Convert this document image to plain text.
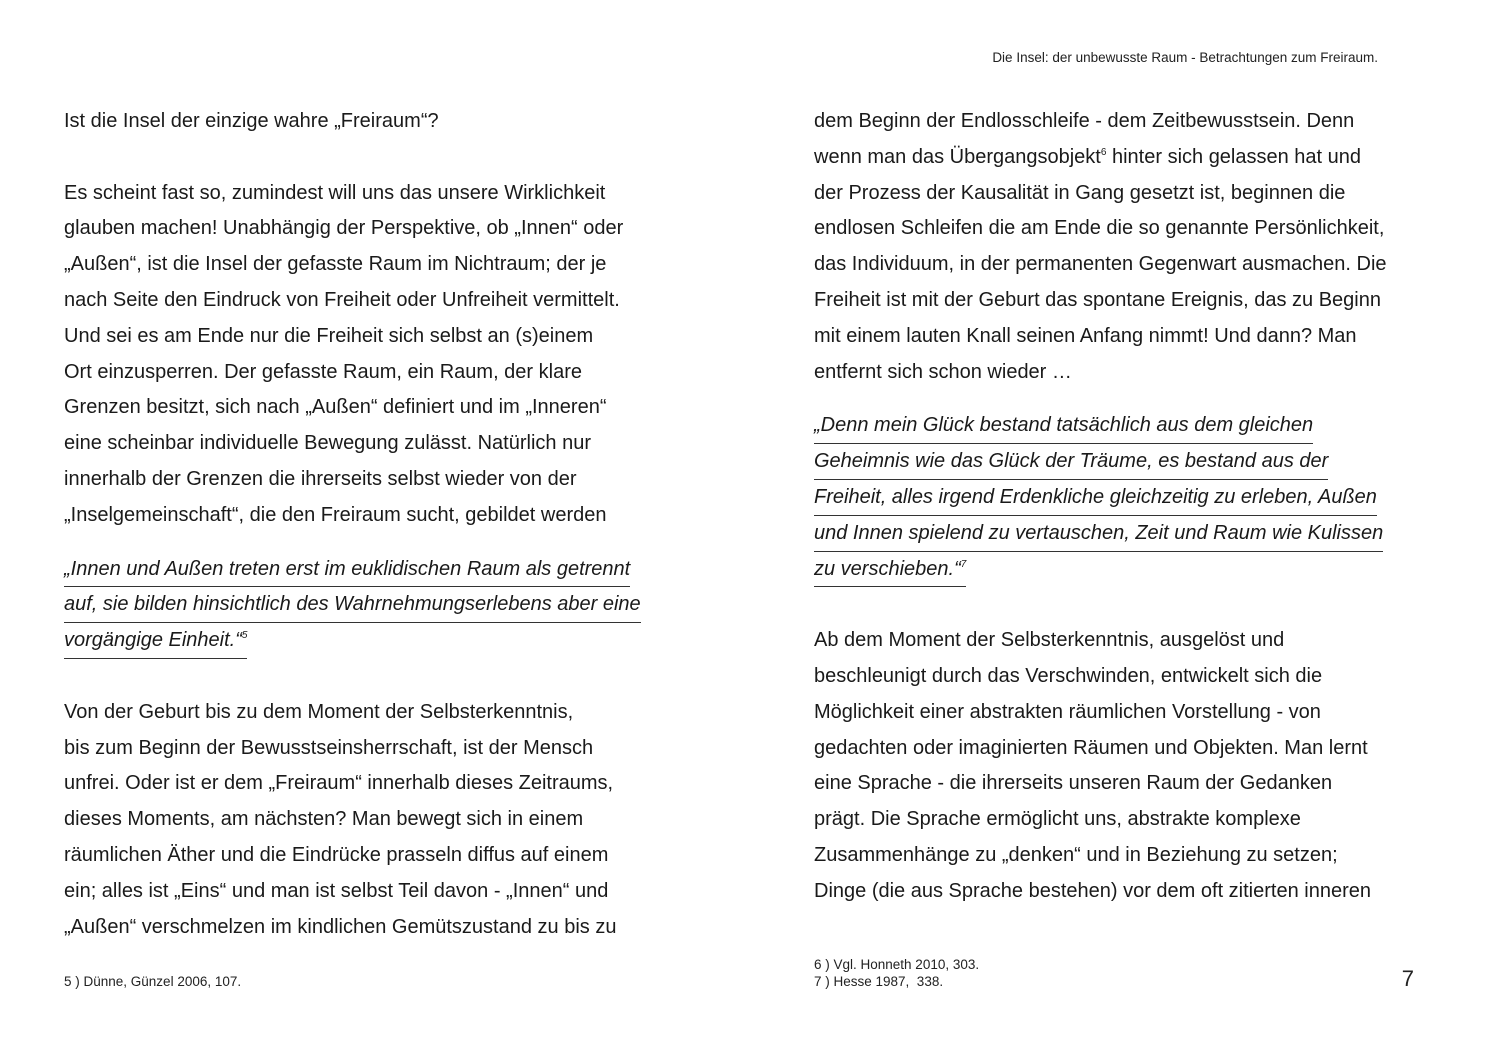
Ist die Insel der einzige wahre „Freiraum“?
Es scheint fast so, zumindest will uns das unsere Wirklichkeit
glauben machen! Unabhängig der Perspektive, ob „Innen“ oder
„Außen“, ist die Insel der gefasste Raum im Nichtraum; der je
nach Seite den Eindruck von Freiheit oder Unfreiheit vermittelt.
Und sei es am Ende nur die Freiheit sich selbst an (s)einem
Ort einzusperren. Der gefasste Raum, ein Raum, der klare
Grenzen besitzt, sich nach „Außen“ definiert und im „Inneren“
eine scheinbar individuelle Bewegung zulässt. Natürlich nur
innerhalb der Grenzen die ihrerseits selbst wieder von der
„Inselgemeinschaft“, die den Freiraum sucht, gebildet werden
„Innen und Außen treten erst im euklidischen Raum als getrennt
auf, sie bilden hinsichtlich des Wahrnehmungserlebens aber eine
vorgängige Einheit.“$^5$
Von der Geburt bis zu dem Moment der Selbsterkenntnis,
bis zum Beginn der Bewusstseinsherrschaft, ist der Mensch
unfrei. Oder ist er dem „Freiraum“ innerhalb dieses Zeitraums,
dieses Moments, am nächsten? Man bewegt sich in einem
räumlichen Äther und die Eindrücke prasseln diffus auf einem
ein; alles ist „Eins“ und man ist selbst Teil davon - „Innen“ und
„Außen“ verschmelzen im kindlichen Gemütszustand zu bis zu
5 ) Dünne, Günzel 2006, 107.
Die Insel: der unbewusste Raum - Betrachtungen zum Freiraum.
dem Beginn der Endlosschleife - dem Zeitbewusstsein. Denn
wenn man das Übergangsobjekt$^6$ hinter sich gelassen hat und
der Prozess der Kausalität in Gang gesetzt ist, beginnen die
endlosen Schleifen die am Ende die so genannte Persönlichkeit,
das Individuum, in der permanenten Gegenwart ausmachen. Die
Freiheit ist mit der Geburt das spontane Ereignis, das zu Beginn
mit einem lauten Knall seinen Anfang nimmt! Und dann? Man
entfernt sich schon wieder …
„Denn mein Glück bestand tatsächlich aus dem gleichen
Geheimnis wie das Glück der Träume, es bestand aus der
Freiheit, alles irgend Erdenkliche gleichzeitig zu erleben, Außen
und Innen spielend zu vertauschen, Zeit und Raum wie Kulissen
zu verschieben.“$^7$
Ab dem Moment der Selbsterkenntnis, ausgelöst und
beschleunigt durch das Verschwinden, entwickelt sich die
Möglichkeit einer abstrakten räumlichen Vorstellung - von
gedachten oder imaginierten Räumen und Objekten. Man lernt
eine Sprache - die ihrerseits unseren Raum der Gedanken
prägt. Die Sprache ermöglicht uns, abstrakte komplexe
Zusammenhänge zu „denken“ und in Beziehung zu setzen;
Dinge (die aus Sprache bestehen) vor dem oft zitierten inneren
6 ) Vgl. Honneth 2010, 303.
7 ) Hesse 1987,  338.	7
